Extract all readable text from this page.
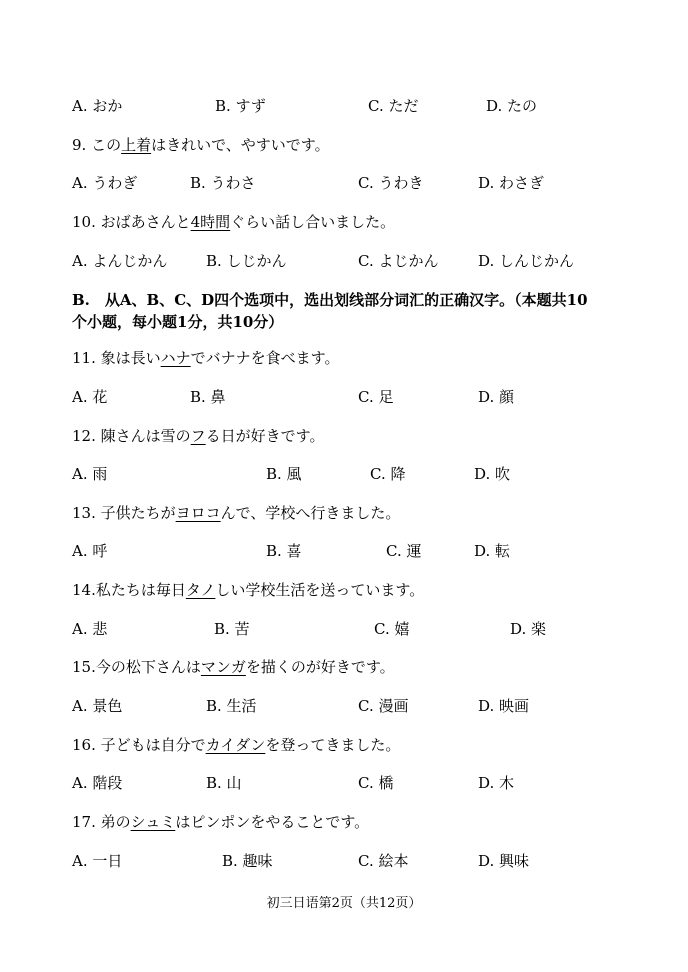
A. おか	B. すず	C. ただ	D. たの
9. この上着はきれいで、やすいです。
A. うわぎ	B. うわさ	C. うわき	D. わさぎ
10. おばあさんと4時間ぐらい話し合いました。
A. よんじかん	B. しじかん	C. よじかん	D. しんじかん
B.　从A、B、C、D四个选项中，选出划线部分词汇的正确汉字。（本题共10
个小题，每小题1分，共10分）
11. 象は長いハナでバナナを食べます。
A. 花	B. 鼻	C. 足	D. 顔
12. 陳さんは雪のフる日が好きです。
A. 雨	B. 風	C. 降	D. 吹
13. 子供たちがヨロコんで、学校へ行きました。
A. 呼	B. 喜	C. 運	D. 転
14.私たちは毎日タノしい学校生活を送っています。
A. 悲	B. 苦	C. 嬉	D. 楽
15.今の松下さんはマンガを描くのが好きです。
A. 景色	B. 生活	C. 漫画	D. 映画
16. 子どもは自分でカイダンを登ってきました。
A. 階段	B. 山	C. 橋	D. 木
17. 弟のシュミはピンポンをやることです。
A. 一日	B. 趣味	C. 絵本	D. 興味
初三日语第2页（共12页）
